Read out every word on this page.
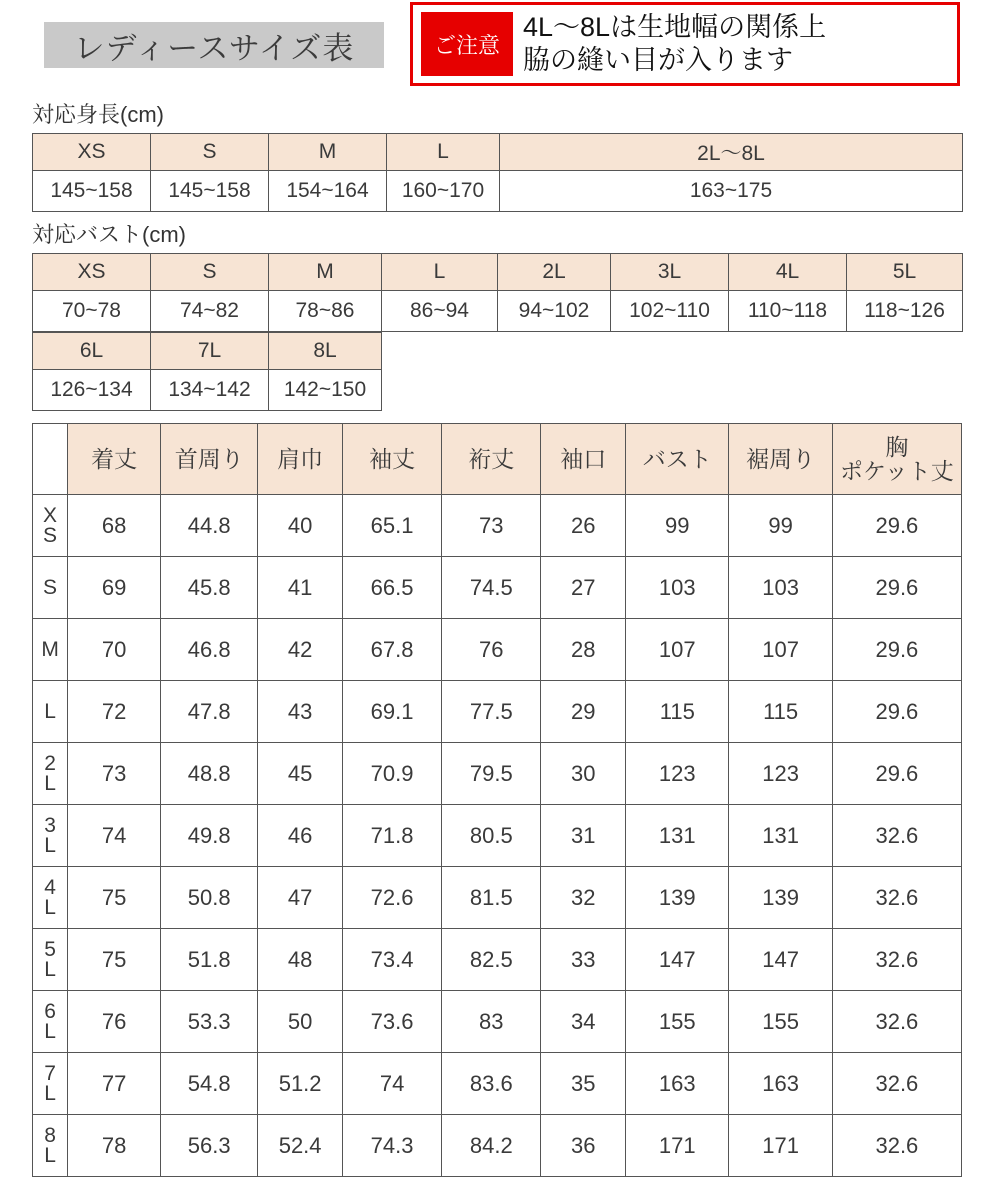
レディースサイズ表	ご注意
4L〜8Lは生地幅の関係上
脇の縫い目が入ります
対応身長(cm)
XS	S	M	L	2L〜8L
145~158	145~158	154~164	160~170	163~175
対応バスト(cm)
XS	S	M	L	2L	3L	4L	5L
70~78	74~82	78~86	86~94	94~102	102~110	110~118	118~126
6L	7L	8L
126~134	134~142	142~150
	着丈	首周り	肩巾	袖丈	裄丈	袖口	バスト	裾周り	胸
ポケット丈

X
S	68	44.8	40	65.1	73	26	99	99	29.6

S	69	45.8	41	66.5	74.5	27	103	103	29.6

M	70	46.8	42	67.8	76	28	107	107	29.6

L	72	47.8	43	69.1	77.5	29	115	115	29.6

2
L	73	48.8	45	70.9	79.5	30	123	123	29.6

3
L	74	49.8	46	71.8	80.5	31	131	131	32.6

4
L	75	50.8	47	72.6	81.5	32	139	139	32.6

5
L	75	51.8	48	73.4	82.5	33	147	147	32.6

6
L	76	53.3	50	73.6	83	34	155	155	32.6

7
L	77	54.8	51.2	74	83.6	35	163	163	32.6

8
L	78	56.3	52.4	74.3	84.2	36	171	171	32.6
